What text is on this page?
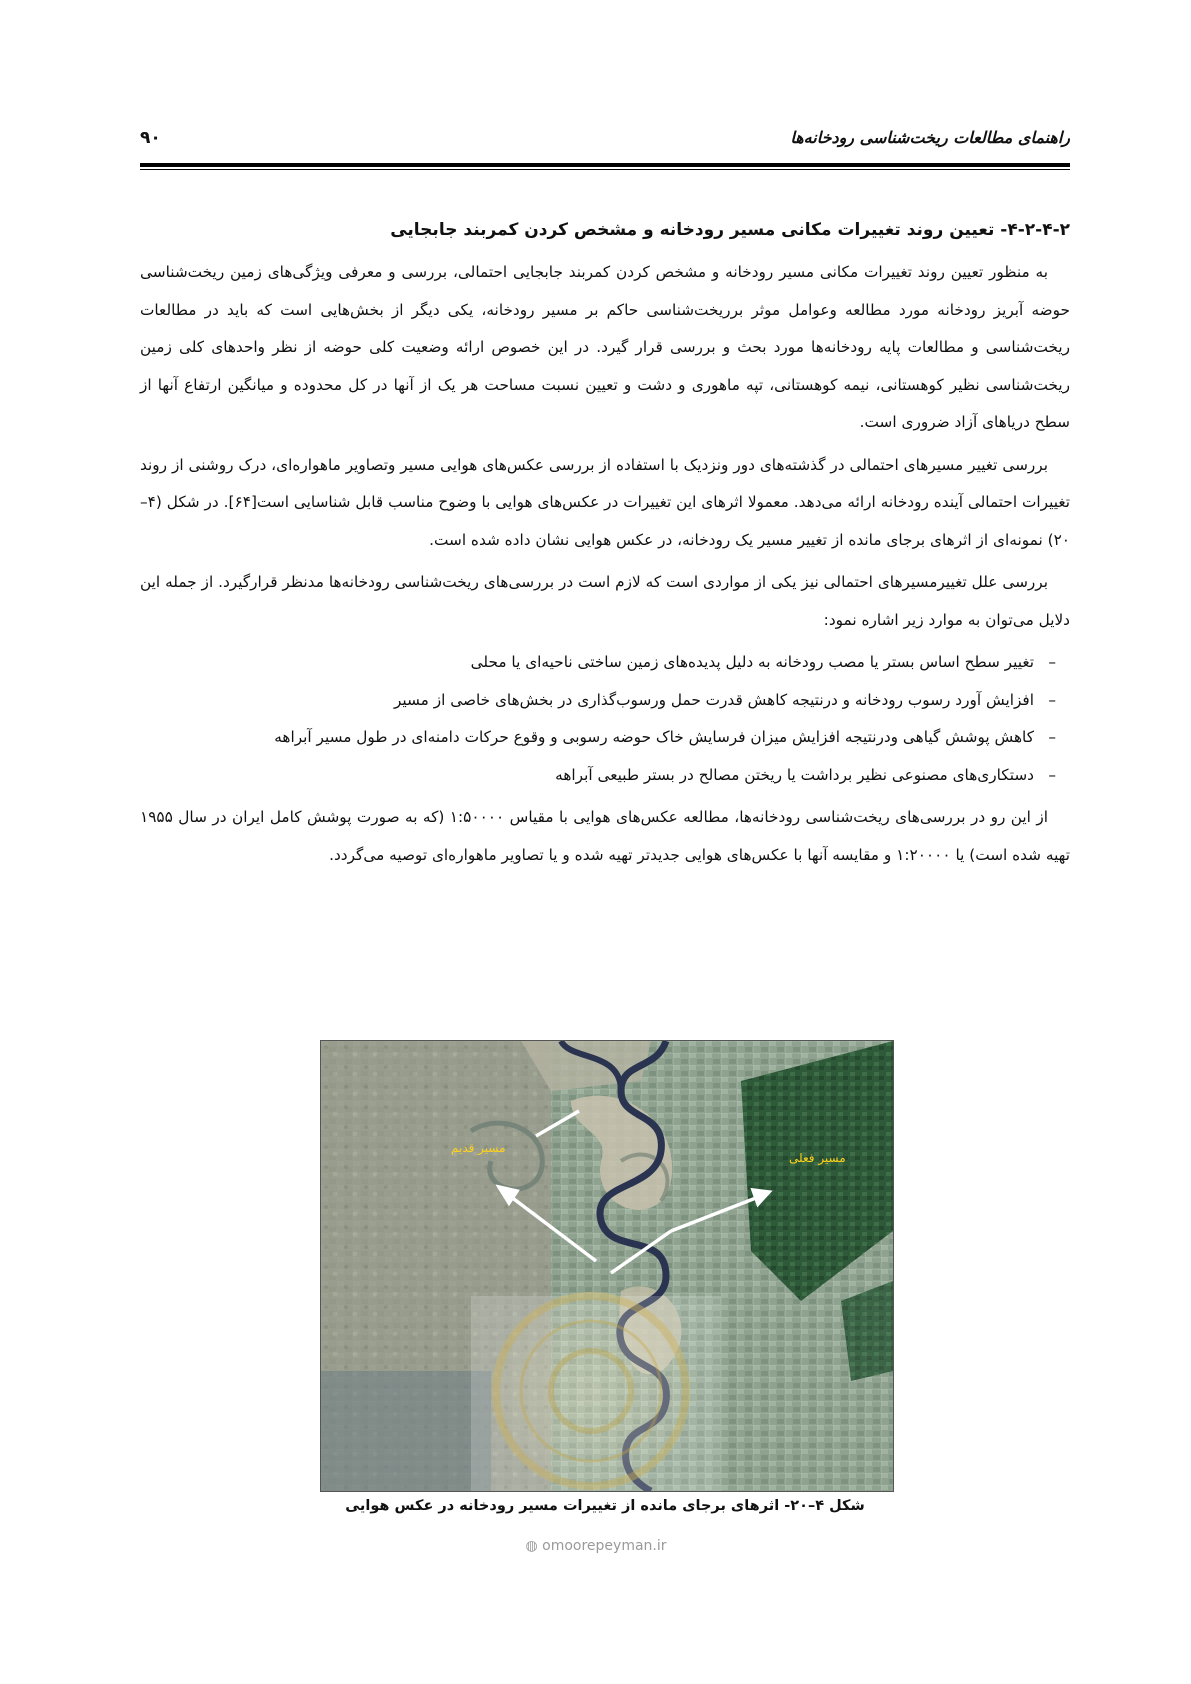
۹۰	راهنمای مطالعات ریخت‌شناسی رودخانه‌ها
۴-۲-۴-۲- تعیین روند تغییرات مکانی مسیر رودخانه و مشخص کردن کمربند جابجایی

به منظور تعیین روند تغییرات مکانی مسیر رودخانه و مشخص کردن کمربند جابجایی احتمالی، بررسی و معرفی ویژگی‌های زمین ریخت‌شناسی حوضه آبریز رودخانه مورد مطالعه وعوامل موثر برریخت‌شناسی حاکم بر مسیر رودخانه، یکی دیگر از بخش‌هایی است که باید در مطالعات ریخت‌شناسی و مطالعات پایه رودخانه‌ها مورد بحث و بررسی قرار گیرد. در این خصوص ارائه وضعیت کلی حوضه از نظر واحدهای کلی زمین ریخت‌شناسی نظیر کوهستانی، نیمه کوهستانی، تپه ماهوری و دشت و تعیین نسبت مساحت هر یک از آنها در کل محدوده و میانگین ارتفاع آنها از سطح دریاهای آزاد ضروری است.

بررسی تغییر مسیرهای احتمالی در گذشته‌های دور ونزدیک با استفاده از بررسی عکس‌های هوایی مسیر وتصاویر ماهواره‌ای، درک روشنی از روند تغییرات احتمالی آینده رودخانه ارائه می‌دهد. معمولا اثرهای این تغییرات در عکس‌های هوایی با وضوح مناسب قابل شناسایی است[۶۴]. در شکل (۴–۲۰) نمونه‌ای از اثرهای برجای مانده از تغییر مسیر یک رودخانه، در عکس هوایی نشان داده شده است.

بررسی علل تغییرمسیرهای احتمالی نیز یکی از مواردی است که لازم است در بررسی‌های ریخت‌شناسی رودخانه‌ها مدنظر قرارگیرد. از جمله این دلایل می‌توان به موارد زیر اشاره نمود:

–
تغییر سطح اساس بستر یا مصب رودخانه به دلیل پدیده‌های زمین ساختی ناحیه‌ای یا محلی
–
افزایش آورد رسوب رودخانه و درنتیجه کاهش قدرت حمل ورسوب‌گذاری در بخش‌های خاصی از مسیر
–
کاهش پوشش گیاهی ودرنتیجه افزایش میزان فرسایش خاک حوضه رسوبی و وقوع حرکات دامنه‌ای در طول مسیر آبراهه
–
دستکاری‌های مصنوعی نظیر برداشت یا ریختن مصالح در بستر طبیعی آبراهه

از این رو در بررسی‌های ریخت‌شناسی رودخانه‌ها، مطالعه عکس‌های هوایی با مقیاس ۱:۵۰۰۰۰ (که به صورت پوشش کامل ایران در سال ۱۹۵۵ تهیه شده است) یا ۱:۲۰۰۰۰ و مقایسه آنها با عکس‌های هوایی جدیدتر تهیه شده و یا تصاویر ماهواره‌ای توصیه می‌گردد.

مسیر قدیم
مسیر فعلی
شکل ۴–۲۰- اثرهای برجای مانده از تغییرات مسیر رودخانه در عکس هوایی
◍ omoorepeyman.ir
